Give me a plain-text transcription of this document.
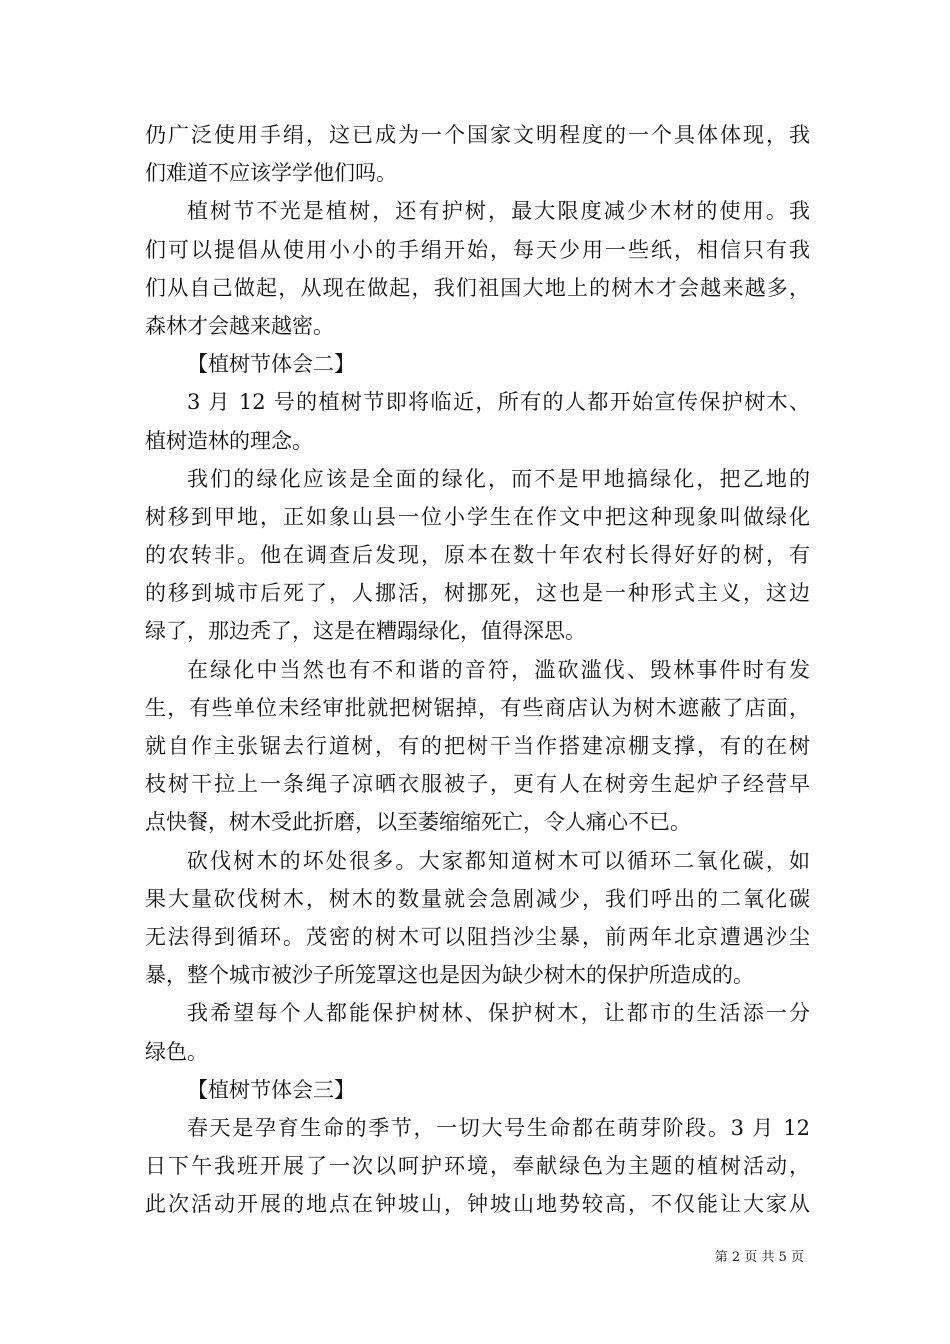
仍广泛使用手绢，这已成为一个国家文明程度的一个具体体现，我
们难道不应该学学他们吗。
植树节不光是植树，还有护树，最大限度减少木材的使用。我
们可以提倡从使用小小的手绢开始，每天少用一些纸，相信只有我
们从自己做起，从现在做起，我们祖国大地上的树木才会越来越多，
森林才会越来越密。
【植树节体会二】
3 月 12 号的植树节即将临近，所有的人都开始宣传保护树木、
植树造林的理念。
我们的绿化应该是全面的绿化，而不是甲地搞绿化，把乙地的
树移到甲地，正如象山县一位小学生在作文中把这种现象叫做绿化
的农转非。他在调查后发现，原本在数十年农村长得好好的树，有
的移到城市后死了，人挪活，树挪死，这也是一种形式主义，这边
绿了，那边秃了，这是在糟蹋绿化，值得深思。
在绿化中当然也有不和谐的音符，滥砍滥伐、毁林事件时有发
生，有些单位未经审批就把树锯掉，有些商店认为树木遮蔽了店面，
就自作主张锯去行道树，有的把树干当作搭建凉棚支撑，有的在树
枝树干拉上一条绳子凉晒衣服被子，更有人在树旁生起炉子经营早
点快餐，树木受此折磨，以至萎缩缩死亡，令人痛心不已。
砍伐树木的坏处很多。大家都知道树木可以循环二氧化碳，如
果大量砍伐树木，树木的数量就会急剧减少，我们呼出的二氧化碳
无法得到循环。茂密的树木可以阻挡沙尘暴，前两年北京遭遇沙尘
暴，整个城市被沙子所笼罩这也是因为缺少树木的保护所造成的。
我希望每个人都能保护树林、保护树木，让都市的生活添一分
绿色。
【植树节体会三】
春天是孕育生命的季节，一切大号生命都在萌芽阶段。3 月 12
日下午我班开展了一次以呵护环境，奉献绿色为主题的植树活动，
此次活动开展的地点在钟坡山，钟坡山地势较高，不仅能让大家从
第 2 页 共 5 页
